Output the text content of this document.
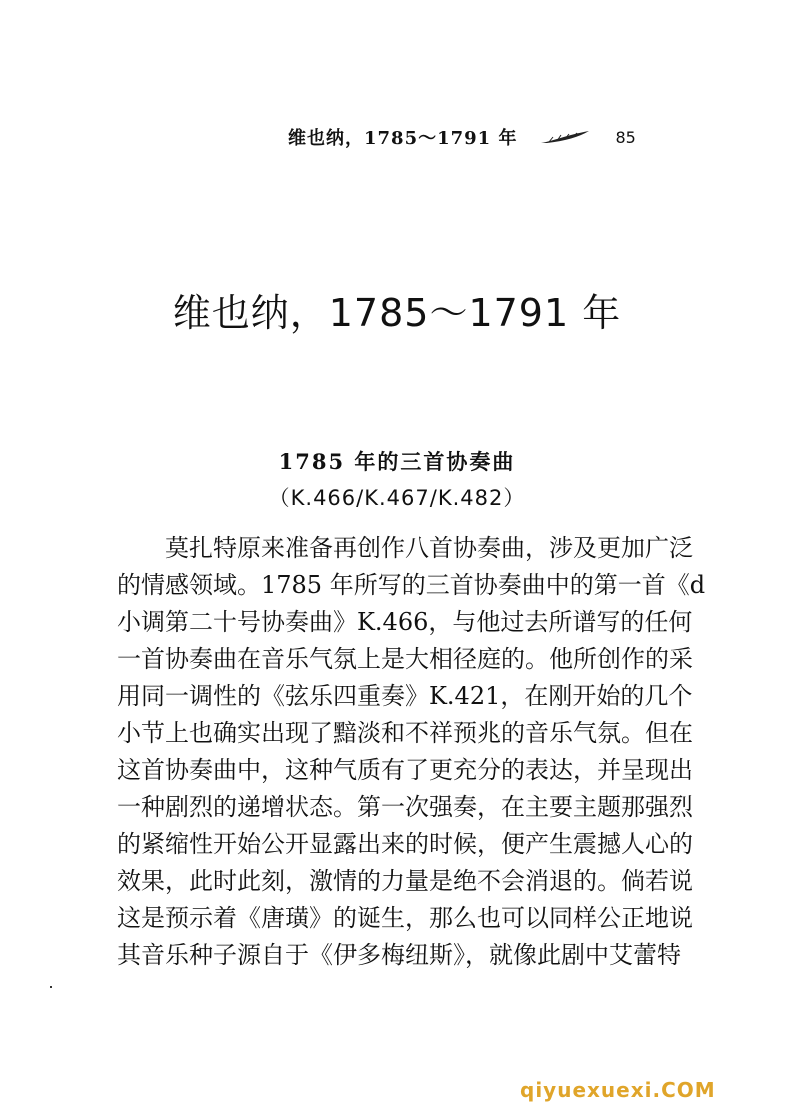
维也纳，1785～1791 年	85
维也纳，1785～1791 年
1785 年的三首协奏曲

（K.466/K.467/K.482）

莫扎特原来准备再创作八首协奏曲，涉及更加广泛
的情感领域。1785 年所写的三首协奏曲中的第一首《d
小调第二十号协奏曲》K.466，与他过去所谱写的任何
一首协奏曲在音乐气氛上是大相径庭的。他所创作的采
用同一调性的《弦乐四重奏》K.421，在刚开始的几个
小节上也确实出现了黯淡和不祥预兆的音乐气氛。但在
这首协奏曲中，这种气质有了更充分的表达，并呈现出
一种剧烈的递增状态。第一次强奏，在主要主题那强烈
的紧缩性开始公开显露出来的时候，便产生震撼人心的
效果，此时此刻，激情的力量是绝不会消退的。倘若说
这是预示着《唐璜》的诞生，那么也可以同样公正地说
其音乐种子源自于《伊多梅纽斯》，就像此剧中艾蕾特
qiyuexuexi.COM
